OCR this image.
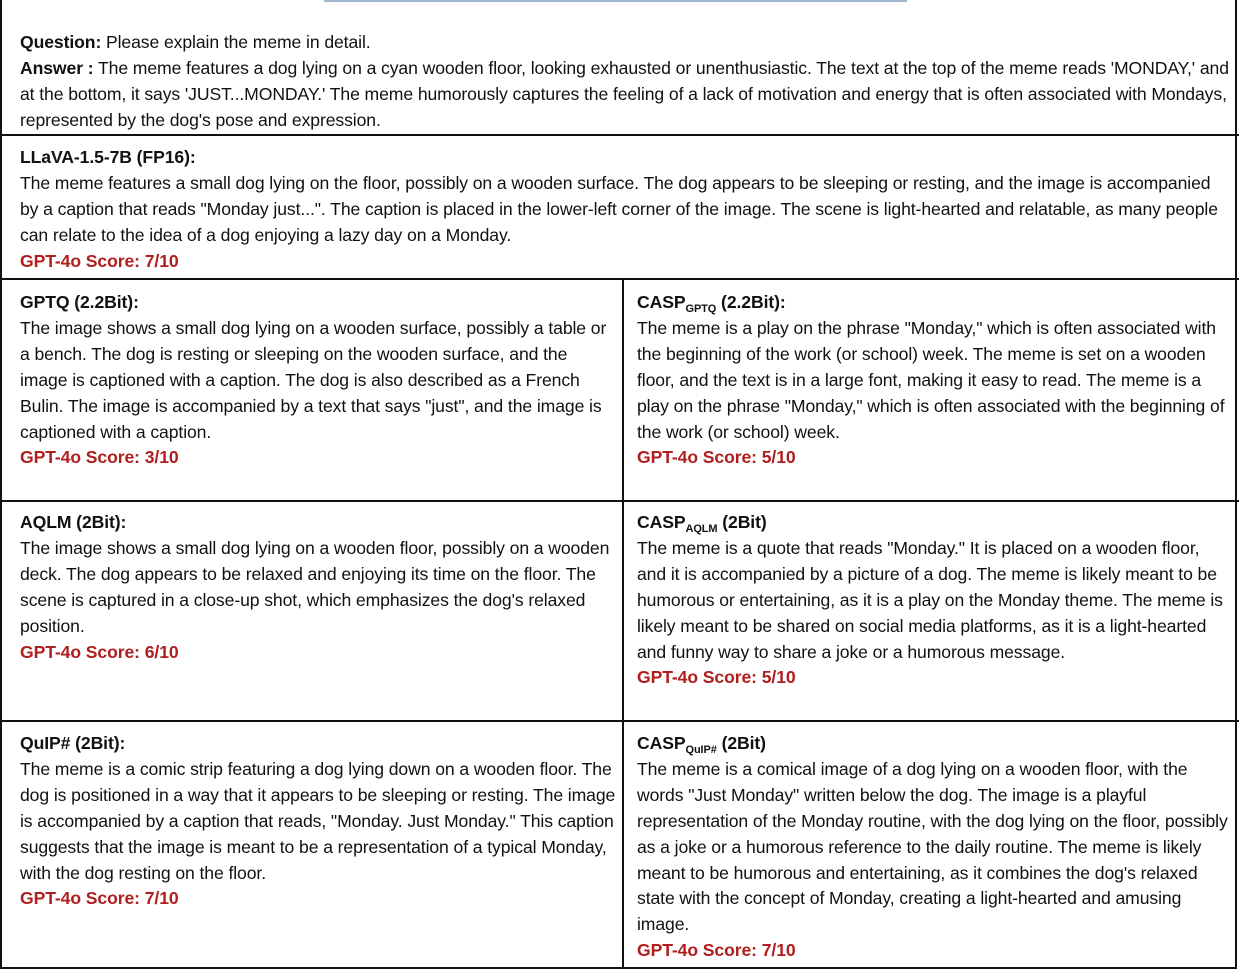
Question: Please explain the meme in detail.
Answer : The meme features a dog lying on a cyan wooden floor, looking exhausted or unenthusiastic. The text at the top of the meme reads 'MONDAY,' and at the bottom, it says 'JUST...MONDAY.' The meme humorously captures the feeling of a lack of motivation and energy that is often associated with Mondays, represented by the dog's pose and expression.
LLaVA-1.5-7B (FP16):
The meme features a small dog lying on the floor, possibly on a wooden surface. The dog appears to be sleeping or resting, and the image is accompanied by a caption that reads "Monday just...". The caption is placed in the lower-left corner of the image. The scene is light-hearted and relatable, as many people can relate to the idea of a dog enjoying a lazy day on a Monday.
GPT-4o Score: 7/10
GPTQ (2.2Bit):
The image shows a small dog lying on a wooden surface, possibly a table or a bench. The dog is resting or sleeping on the wooden surface, and the image is captioned with a caption. The dog is also described as a French Bulin. The image is accompanied by a text that says "just", and the image is captioned with a caption.
GPT-4o Score: 3/10
$CASP_{GPTQ}$ (2.2Bit):
The meme is a play on the phrase "Monday," which is often associated with the beginning of the work (or school) week. The meme is set on a wooden floor, and the text is in a large font, making it easy to read. The meme is a play on the phrase "Monday," which is often associated with the beginning of the work (or school) week.
GPT-4o Score: 5/10
AQLM (2Bit):
The image shows a small dog lying on a wooden floor, possibly on a wooden deck. The dog appears to be relaxed and enjoying its time on the floor. The scene is captured in a close-up shot, which emphasizes the dog's relaxed position.
GPT-4o Score: 6/10
$CASP_{AQLM}$ (2Bit)
The meme is a quote that reads "Monday." It is placed on a wooden floor, and it is accompanied by a picture of a dog. The meme is likely meant to be humorous or entertaining, as it is a play on the Monday theme. The meme is likely meant to be shared on social media platforms, as it is a light-hearted and funny way to share a joke or a humorous message.
GPT-4o Score: 5/10
QuIP# (2Bit):
The meme is a comic strip featuring a dog lying down on a wooden floor. The dog is positioned in a way that it appears to be sleeping or resting. The image is accompanied by a caption that reads, "Monday. Just Monday." This caption suggests that the image is meant to be a representation of a typical Monday, with the dog resting on the floor.
GPT-4o Score: 7/10
$CASP_{QuIP\#}$ (2Bit)
The meme is a comical image of a dog lying on a wooden floor, with the words "Just Monday" written below the dog. The image is a playful representation of the Monday routine, with the dog lying on the floor, possibly as a joke or a humorous reference to the daily routine. The meme is likely meant to be humorous and entertaining, as it combines the dog's relaxed state with the concept of Monday, creating a light-hearted and amusing image.
GPT-4o Score: 7/10
